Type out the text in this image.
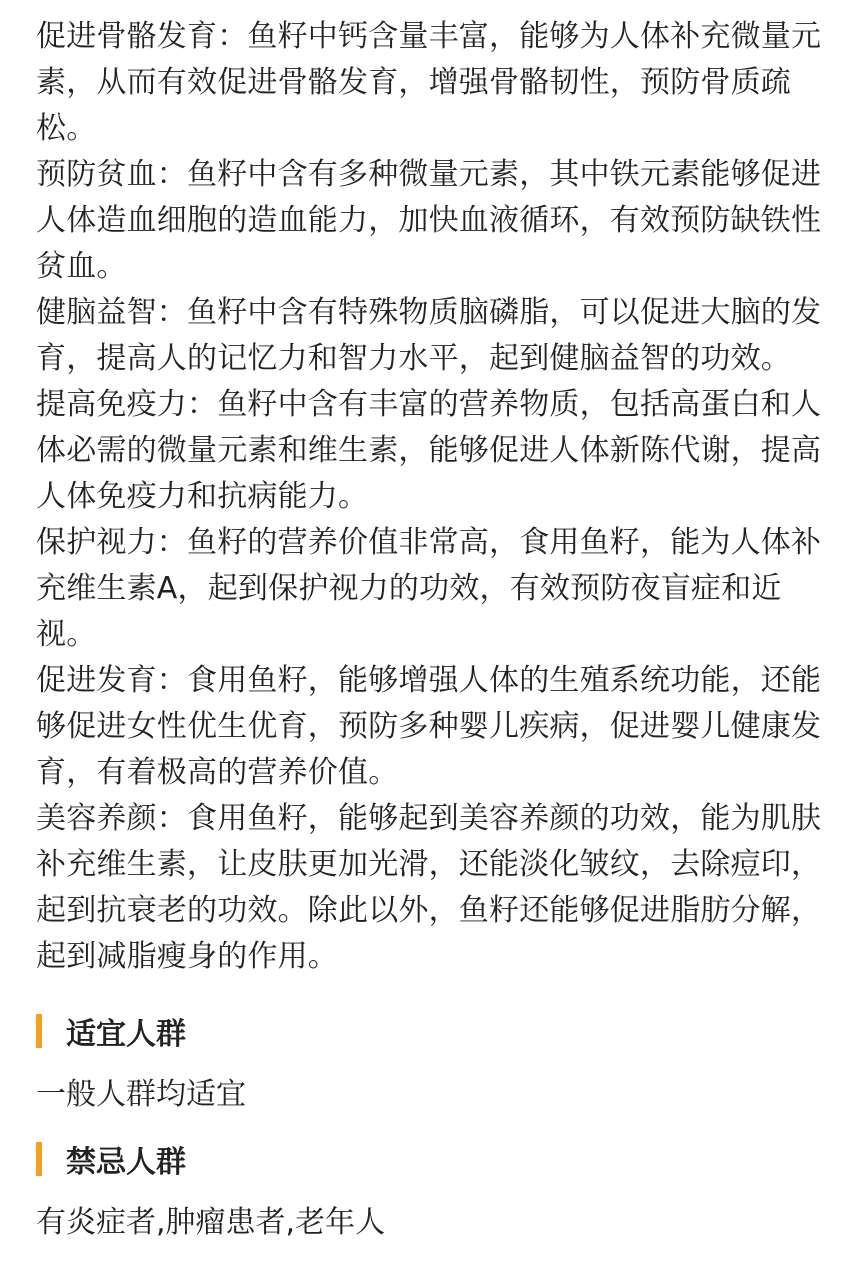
促进骨骼发育：鱼籽中钙含量丰富，能够为人体补充微量元素，从而有效促进骨骼发育，增强骨骼韧性，预防骨质疏松。

预防贫血：鱼籽中含有多种微量元素，其中铁元素能够促进人体造血细胞的造血能力，加快血液循环，有效预防缺铁性贫血。

健脑益智：鱼籽中含有特殊物质脑磷脂，可以促进大脑的发育，提高人的记忆力和智力水平，起到健脑益智的功效。

提高免疫力：鱼籽中含有丰富的营养物质，包括高蛋白和人体必需的微量元素和维生素，能够促进人体新陈代谢，提高人体免疫力和抗病能力。

保护视力：鱼籽的营养价值非常高，食用鱼籽，能为人体补充维生素A，起到保护视力的功效，有效预防夜盲症和近视。

促进发育：食用鱼籽，能够增强人体的生殖系统功能，还能够促进女性优生优育，预防多种婴儿疾病，促进婴儿健康发育，有着极高的营养价值。

美容养颜：食用鱼籽，能够起到美容养颜的功效，能为肌肤补充维生素，让皮肤更加光滑，还能淡化皱纹，去除痘印，起到抗衰老的功效。除此以外，鱼籽还能够促进脂肪分解，起到减脂瘦身的作用。

适宜人群
一般人群均适宜
禁忌人群
有炎症者,肿瘤患者,老年人
